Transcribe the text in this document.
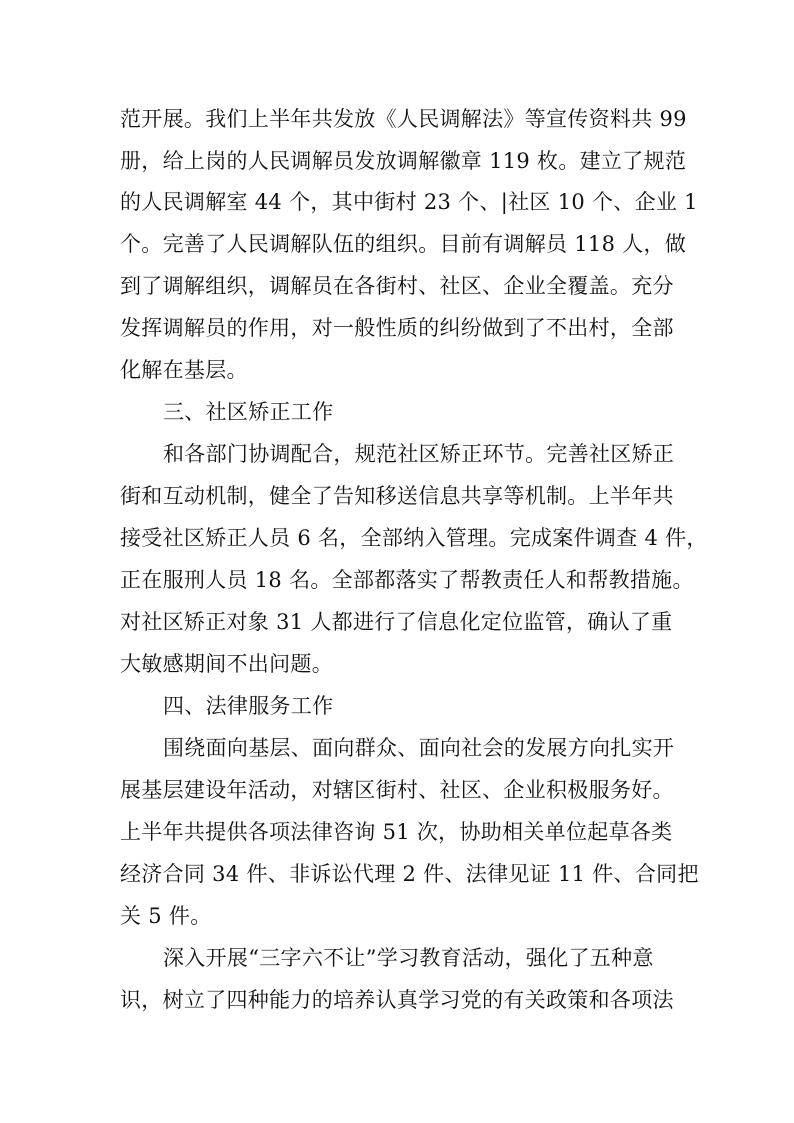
范开展。我们上半年共发放《人民调解法》等宣传资料共 99
册，给上岗的人民调解员发放调解徽章 119 枚。建立了规范
的人民调解室 44 个，其中街村 23 个、|社区 10 个、企业 1
个。完善了人民调解队伍的组织。目前有调解员 118 人，做
到了调解组织，调解员在各街村、社区、企业全覆盖。充分
发挥调解员的作用，对一般性质的纠纷做到了不出村，全部
化解在基层。
三、社区矫正工作
和各部门协调配合，规范社区矫正环节。完善社区矫正
街和互动机制，健全了告知移送信息共享等机制。上半年共
接受社区矫正人员 6 名，全部纳入管理。完成案件调查 4 件，
正在服刑人员 18 名。全部都落实了帮教责任人和帮教措施。
对社区矫正对象 31 人都进行了信息化定位监管，确认了重
大敏感期间不出问题。
四、法律服务工作
围绕面向基层、面向群众、面向社会的发展方向扎实开
展基层建设年活动，对辖区街村、社区、企业积极服务好。
上半年共提供各项法律咨询 51 次，协助相关单位起草各类
经济合同 34 件、非诉讼代理 2 件、法律见证 11 件、合同把
关 5 件。
深入开展“三字六不让”学习教育活动，强化了五种意
识，树立了四种能力的培养认真学习党的有关政策和各项法
